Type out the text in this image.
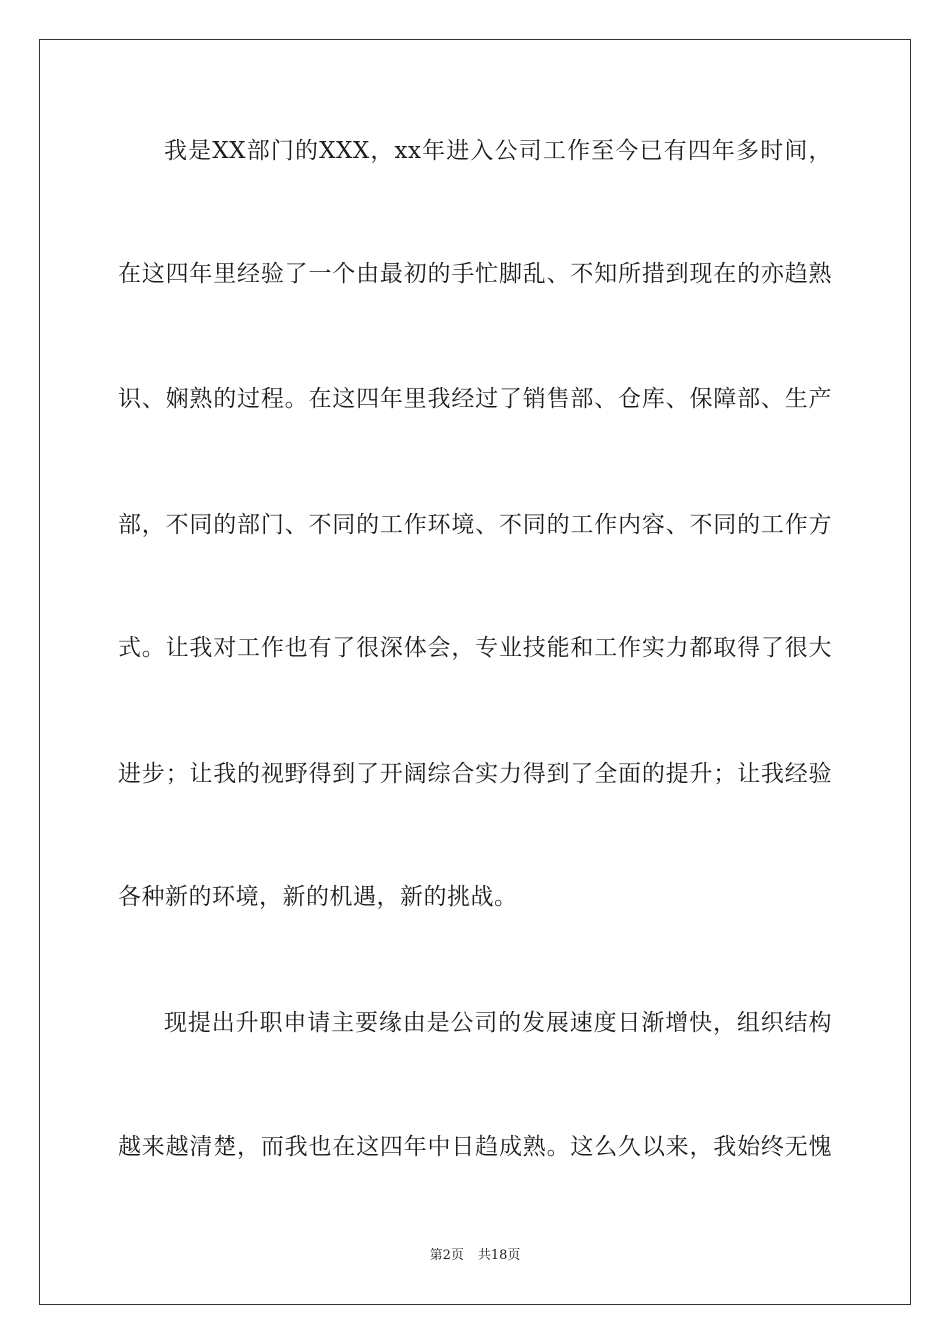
我是XX部门的XXX，xx年进入公司工作至今已有四年多时间，
在这四年里经验了一个由最初的手忙脚乱、不知所措到现在的亦趋熟
识、娴熟的过程。在这四年里我经过了销售部、仓库、保障部、生产
部，不同的部门、不同的工作环境、不同的工作内容、不同的工作方
式。让我对工作也有了很深体会，专业技能和工作实力都取得了很大
进步；让我的视野得到了开阔综合实力得到了全面的提升；让我经验
各种新的环境，新的机遇，新的挑战。
现提出升职申请主要缘由是公司的发展速度日渐增快，组织结构
越来越清楚，而我也在这四年中日趋成熟。这么久以来，我始终无愧
第2页 共18页
